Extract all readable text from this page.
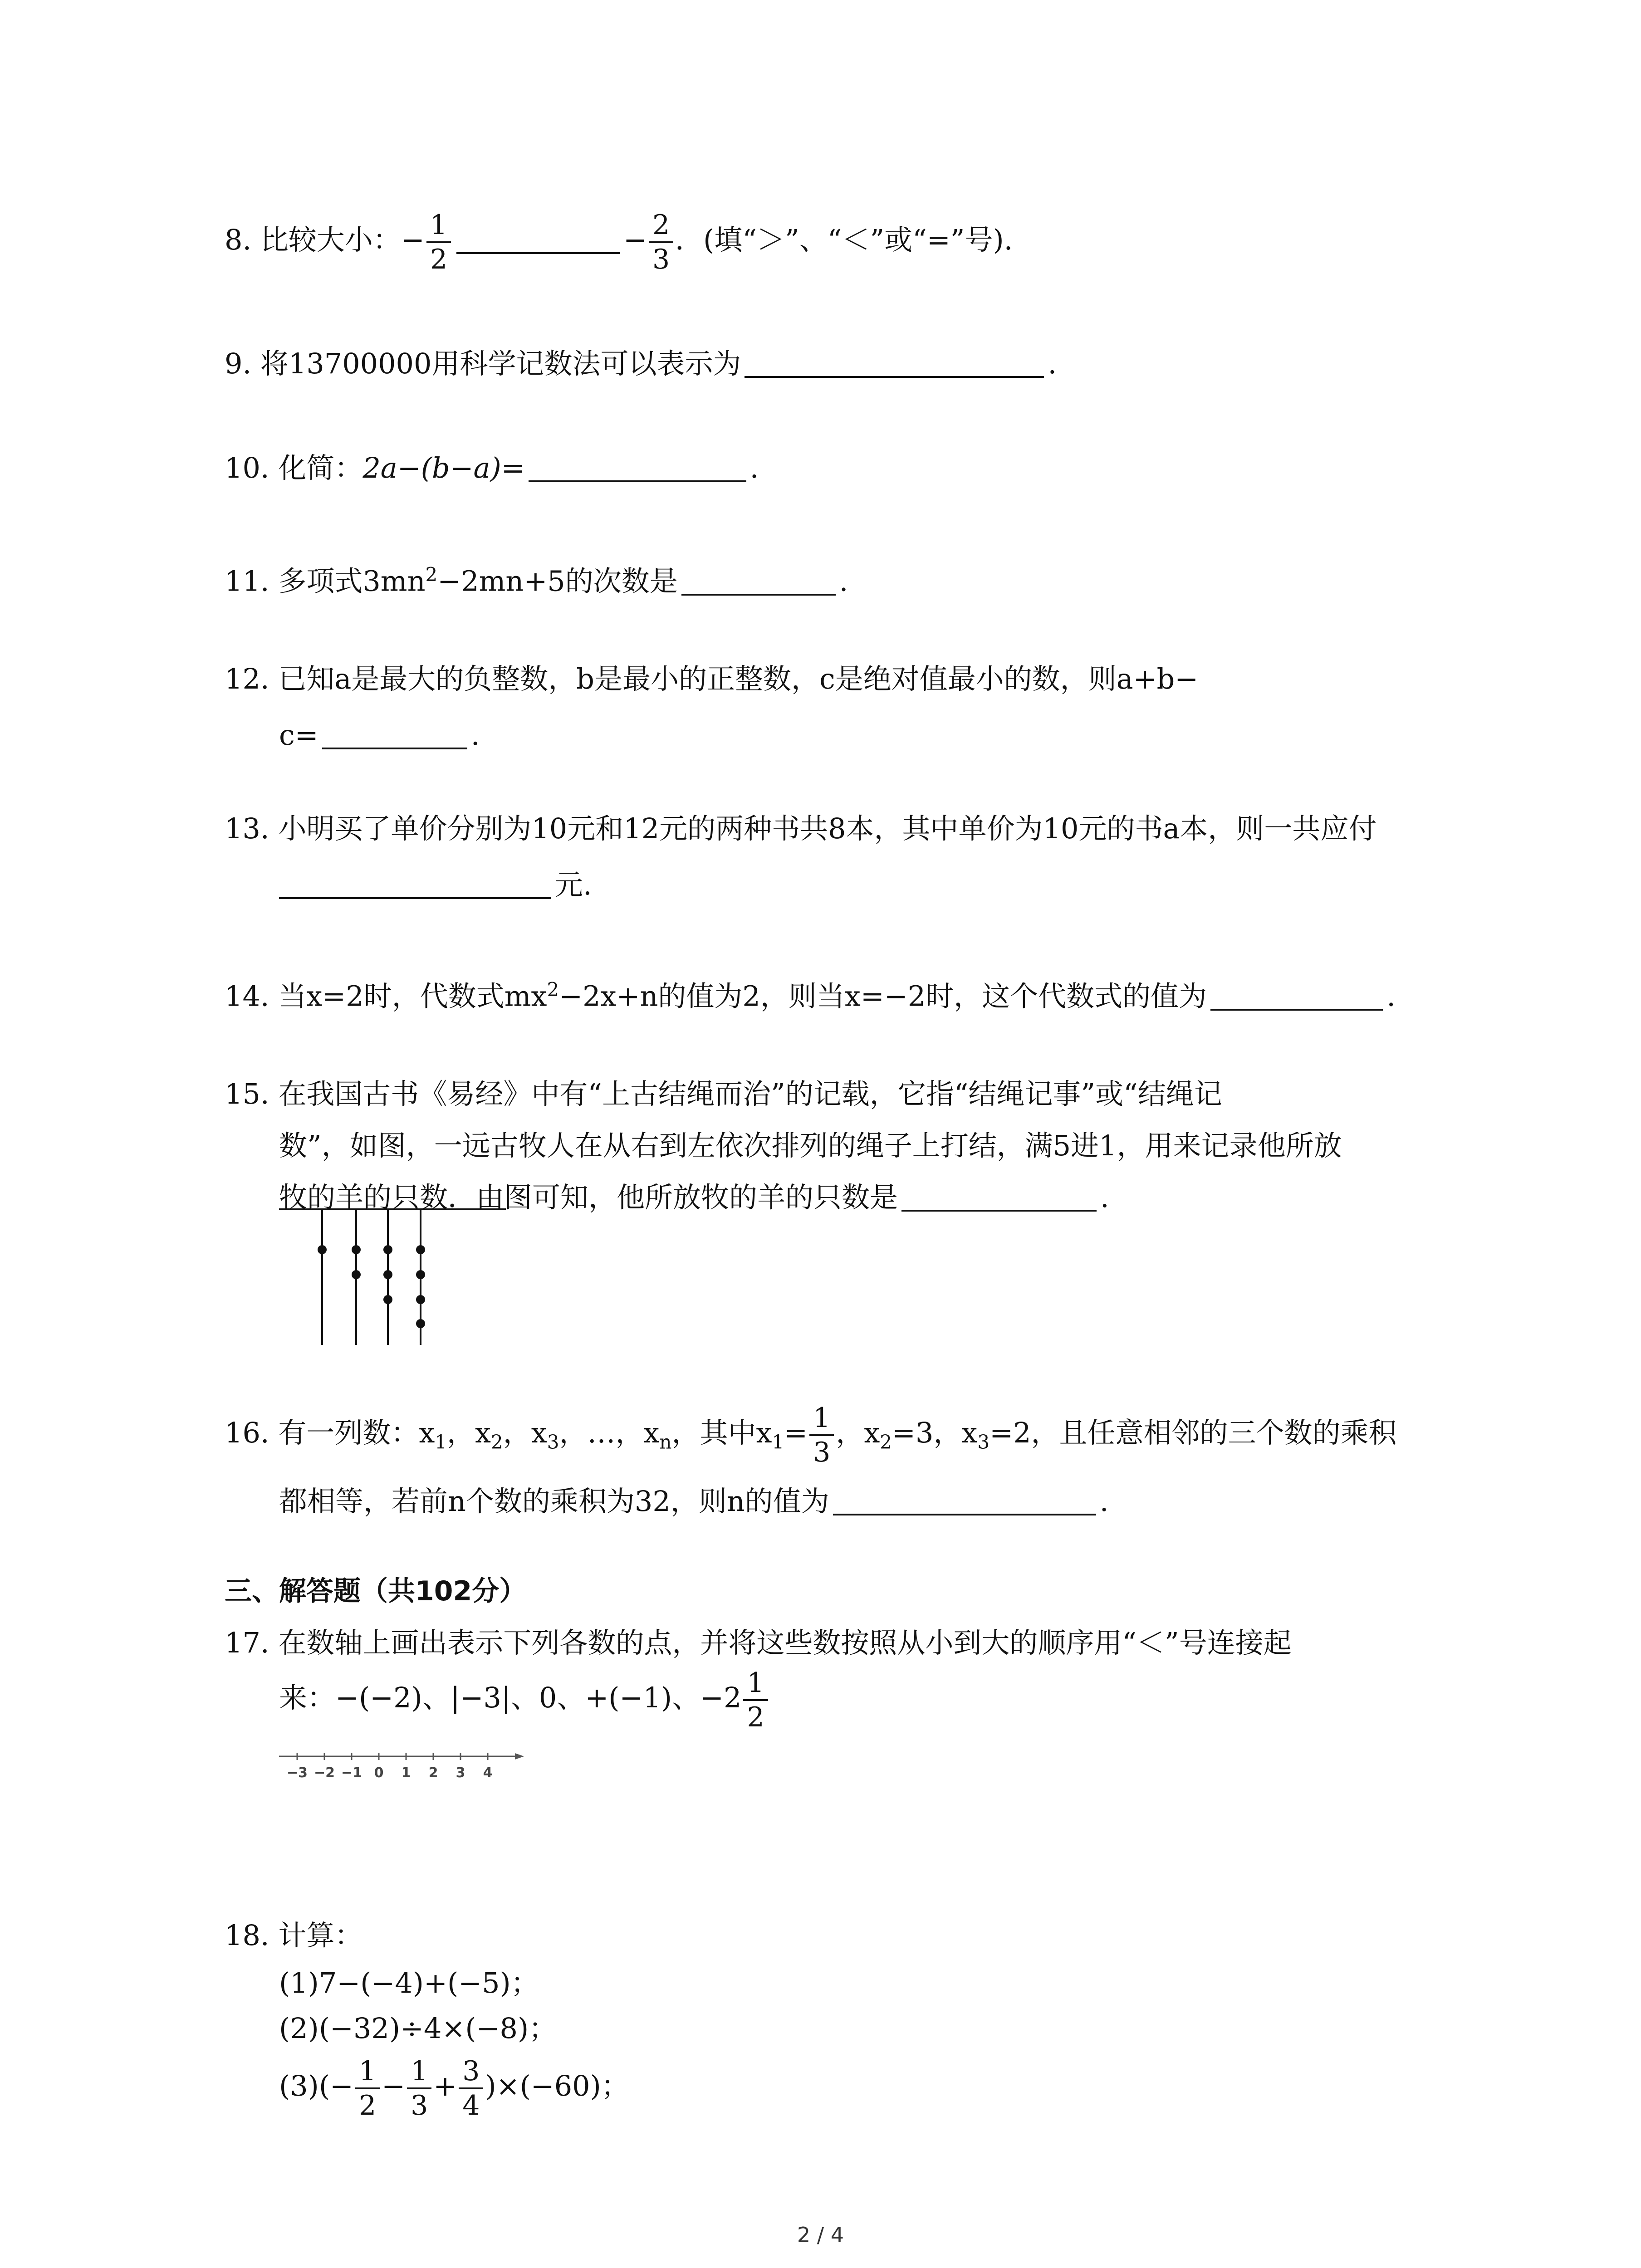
8. 比较大小：− $\frac{1}{2}$	− $\frac{2}{3}$ ．(填“＞”、“＜”或“=”号).
9. 将13700000用科学记数法可以表示为	.
10. 化简：2a−(b−a)=	.
11. 多项式$3mn^2-2mn+5$的次数是	.
12. 已知a是最大的负整数，b是最小的正整数，c是绝对值最小的数，则a+b−
c=	.
13. 小明买了单价分别为10元和12元的两种书共8本，其中单价为10元的书a本，则一共应付
元.
14. 当x=2时，代数式$mx^2-2x+n$的值为2，则当x=−2时，这个代数式的值为	.
15. 在我国古书《易经》中有“上古结绳而治”的记载，它指“结绳记事”或“结绳记
数”，如图，一远古牧人在从右到左依次排列的绳子上打结，满5进1，用来记录他所放
牧的羊的只数．由图可知，他所放牧的羊的只数是	.
16. 有一列数：$x_1$，$x_2$，$x_3$，…，$x_n$，其中$x_1= \frac{1}{3}$ ，$x_2=3$，$x_3=2$，且任意相邻的三个数的乘积
都相等，若前n个数的乘积为32，则n的值为	.
三、解答题（共102分）
17. 在数轴上画出表示下列各数的点，并将这些数按照从小到大的顺序用“＜”号连接起
来：−(−2)、|−3|、0、+(−1)、$-2 \frac{1}{2}$
−3 −2 −1 0 1 2 3 4
18. 计算：
(1)7−(−4)+(−5)；
(2)(−32)÷4×(−8)；
$(3)(- \frac{1}{2} - \frac{1}{3} + \frac{3}{4} )\times(-60)$；
2 / 4
